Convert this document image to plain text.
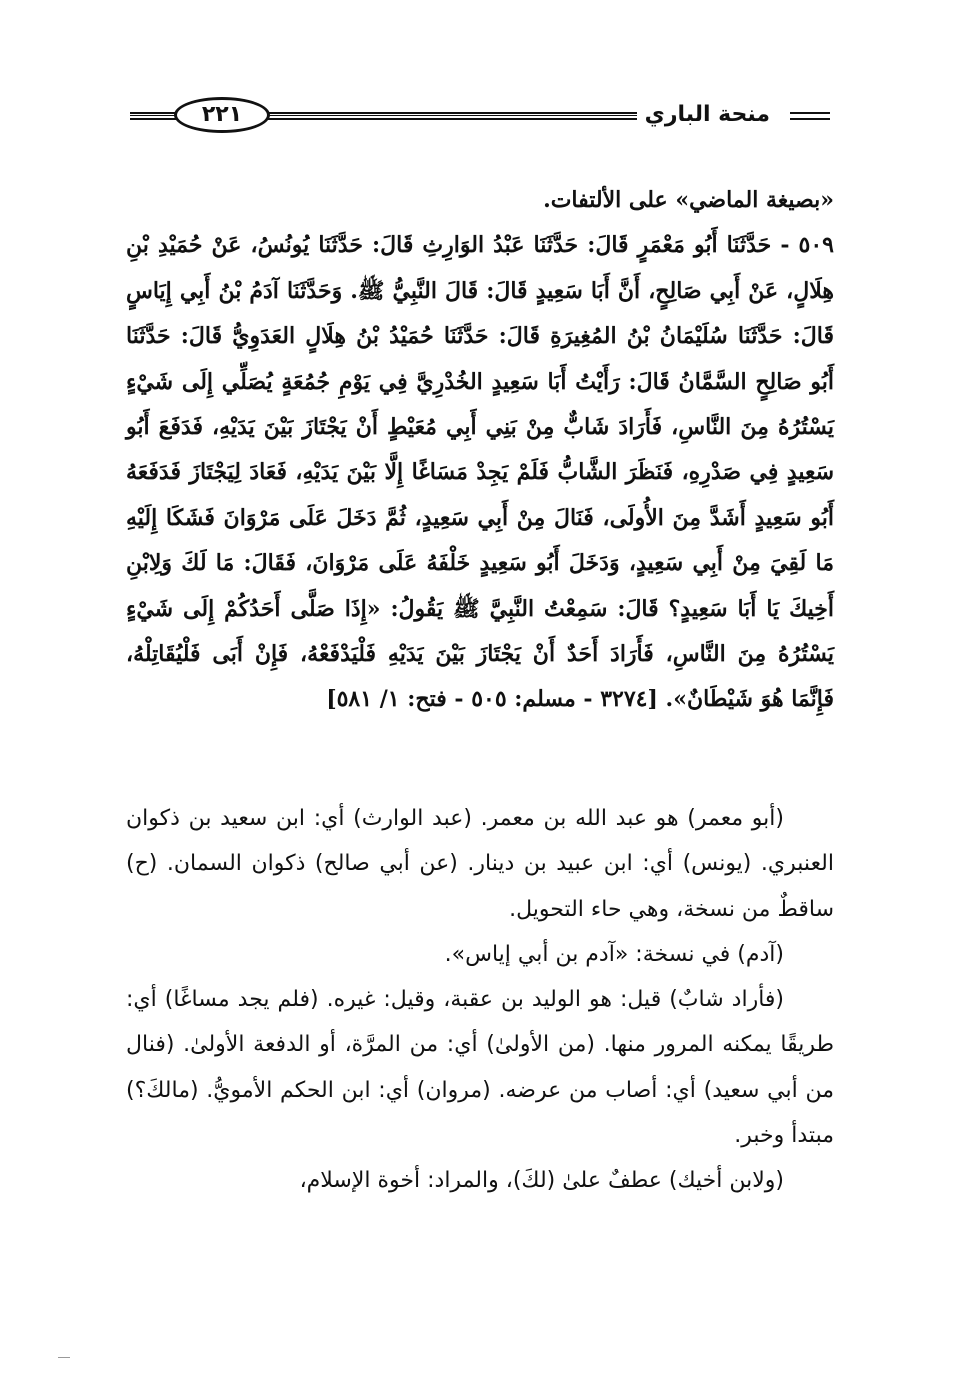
٢٢١	منحة الباري

«بصيغة الماضي» على الألتفات.

٥٠٩ - حَدَّثَنَا أَبُو مَعْمَرٍ قَالَ: حَدَّثَنَا عَبْدُ الوَارِثِ قَالَ: حَدَّثَنَا يُونُسُ، عَنْ حُمَيْدِ بْنِ هِلَالٍ، عَنْ أَبِي صَالِحٍ، أَنَّ أَبَا سَعِيدٍ قَالَ: قَالَ النَّبِيُّ ﷺ. وَحَدَّثَنَا آدَمُ بْنُ أَبِي إِيَاسٍ قَالَ: حَدَّثَنَا سُلَيْمَانُ بْنُ المُغِيرَةِ قَالَ: حَدَّثَنَا حُمَيْدُ بْنُ هِلَالٍ العَدَوِيُّ قَالَ: حَدَّثَنَا أَبُو صَالِحٍ السَّمَّانُ قَالَ: رَأَيْتُ أَبَا سَعِيدٍ الخُدْرِيَّ فِي يَوْمِ جُمُعَةٍ يُصَلِّي إِلَى شَيْءٍ يَسْتُرُهُ مِنَ النَّاسِ، فَأَرَادَ شَابٌّ مِنْ بَنِي أَبِي مُعَيْطٍ أَنْ يَجْتَازَ بَيْنَ يَدَيْهِ، فَدَفَعَ أَبُو سَعِيدٍ فِي صَدْرِهِ، فَنَظَرَ الشَّابُّ فَلَمْ يَجِدْ مَسَاغًا إِلَّا بَيْنَ يَدَيْهِ، فَعَادَ لِيَجْتَازَ فَدَفَعَهُ أَبُو سَعِيدٍ أَشَدَّ مِنَ الأُولَى، فَنَالَ مِنْ أَبِي سَعِيدٍ، ثُمَّ دَخَلَ عَلَى مَرْوَانَ فَشَكَا إِلَيْهِ مَا لَقِيَ مِنْ أَبِي سَعِيدٍ، وَدَخَلَ أَبُو سَعِيدٍ خَلْفَهُ عَلَى مَرْوَانَ، فَقَالَ: مَا لَكَ وَلِابْنِ أَخِيكَ يَا أَبَا سَعِيدٍ؟ قَالَ: سَمِعْتُ النَّبِيَّ ﷺ يَقُولُ: «إِذَا صَلَّى أَحَدُكُمْ إِلَى شَيْءٍ يَسْتُرُهُ مِنَ النَّاسِ، فَأَرَادَ أَحَدٌ أَنْ يَجْتَازَ بَيْنَ يَدَيْهِ فَلْيَدْفَعْهُ، فَإِنْ أَبَى فَلْيُقَاتِلْهُ، فَإِنَّمَا هُوَ شَيْطَانٌ». [٣٢٧٤ - مسلم: ٥٠٥ - فتح: ١/ ٥٨١]

(أبو معمر) هو عبد الله بن معمر. (عبد الوارث) أي: ابن سعيد بن ذكوان العنبري. (يونس) أي: ابن عبيد بن دينار. (عن أبي صالح) ذكوان السمان. (ح) ساقطٌ من نسخة، وهي حاء التحويل.

(آدم) في نسخة: «آدم بن أبي إياس».

(فأراد شابٌ) قيل: هو الوليد بن عقبة، وقيل: غيره. (فلم يجد مساغًا) أي: طريقًا يمكنه المرور منها. (من الأولىٰ) أي: من المرَّة، أو الدفعة الأولىٰ. (فنال من أبي سعيد) أي: أصاب من عرضه. (مروان) أي: ابن الحكم الأمويُّ. (مالكَ؟) مبتدأ وخبر.

(ولابن أخيك) عطفٌ علىٰ (لكَ)، والمراد: أخوة الإسلام،
